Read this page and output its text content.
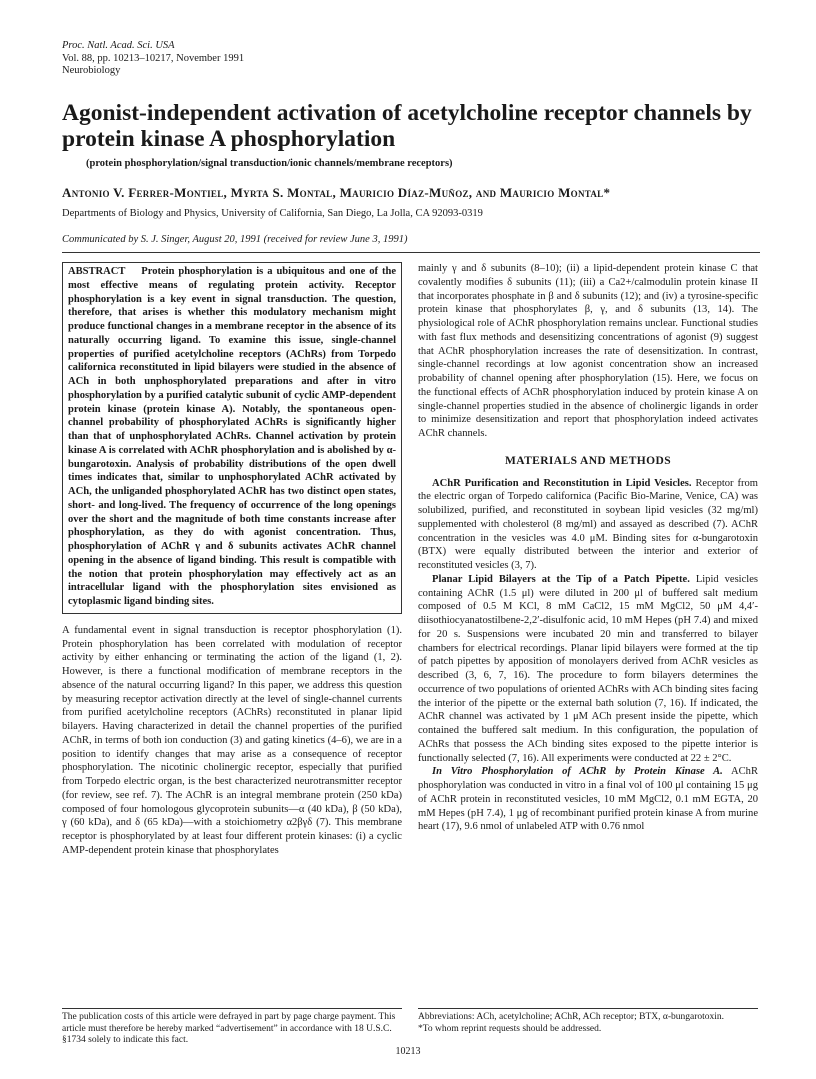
Proc. Natl. Acad. Sci. USA
Vol. 88, pp. 10213–10217, November 1991
Neurobiology
Agonist-independent activation of acetylcholine receptor channels by protein kinase A phosphorylation
(protein phosphorylation/signal transduction/ionic channels/membrane receptors)
Antonio V. Ferrer-Montiel, Myrta S. Montal, Mauricio Díaz-Muñoz, and Mauricio Montal*
Departments of Biology and Physics, University of California, San Diego, La Jolla, CA 92093-0319
Communicated by S. J. Singer, August 20, 1991 (received for review June 3, 1991)

ABSTRACT Protein phosphorylation is a ubiquitous and one of the most effective means of regulating protein activity. Receptor phosphorylation is a key event in signal transduction. The question, therefore, that arises is whether this modulatory mechanism might produce functional changes in a membrane receptor in the absence of its naturally occurring ligand. To examine this issue, single-channel properties of purified acetylcholine receptors (AChRs) from Torpedo californica reconstituted in lipid bilayers were studied in the absence of ACh in both unphosphorylated preparations and after in vitro phosphorylation by a purified catalytic subunit of cyclic AMP-dependent protein kinase (protein kinase A). Notably, the spontaneous open-channel probability of phosphorylated AChRs is significantly higher than that of unphosphorylated AChRs. Channel activation by protein kinase A is correlated with AChR phosphorylation and is abolished by α-bungarotoxin. Analysis of probability distributions of the open dwell times indicates that, similar to unphosphorylated AChR activated by ACh, the unliganded phosphorylated AChR has two distinct open states, short- and long-lived. The frequency of occurrence of the long openings over the short and the magnitude of both time constants increase after phosphorylation, as they do with agonist concentration. Thus, phosphorylation of AChR γ and δ subunits activates AChR channel opening in the absence of ligand binding. This result is compatible with the notion that protein phosphorylation may effectively act as an intracellular ligand with the phosphorylation sites envisioned as cytoplasmic ligand binding sites.

A fundamental event in signal transduction is receptor phosphorylation (1). Protein phosphorylation has been correlated with modulation of receptor activity by either enhancing or terminating the action of the ligand (1, 2). However, is there a functional modification of membrane receptors in the absence of the natural occurring ligand? In this paper, we address this question by measuring receptor activation directly at the level of single-channel currents from purified acetylcholine receptors (AChRs) reconstituted in planar lipid bilayers. Having characterized in detail the channel properties of the purified AChR, in terms of both ion conduction (3) and gating kinetics (4–6), we are in a position to identify changes that may arise as a consequence of receptor phosphorylation. The nicotinic cholinergic receptor, especially that purified from Torpedo electric organ, is the best characterized neurotransmitter receptor (for review, see ref. 7). The AChR is an integral membrane protein (250 kDa) composed of four homologous glycoprotein subunits—α (40 kDa), β (50 kDa), γ (60 kDa), and δ (65 kDa)—with a stoichiometry α2βγδ (7). This membrane receptor is phosphorylated by at least four different protein kinases: (i) a cyclic AMP-dependent protein kinase that phosphorylates

mainly γ and δ subunits (8–10); (ii) a lipid-dependent protein kinase C that covalently modifies δ subunits (11); (iii) a Ca2+/calmodulin protein kinase II that incorporates phosphate in β and δ subunits (12); and (iv) a tyrosine-specific protein kinase that phosphorylates β, γ, and δ subunits (13, 14). The physiological role of AChR phosphorylation remains unclear. Functional studies with fast flux methods and desensitizing concentrations of agonist (9) suggest that AChR phosphorylation increases the rate of desensitization. In contrast, single-channel recordings at low agonist concentration show an increased probability of channel opening after phosphorylation (15). Here, we focus on the functional effects of AChR phosphorylation induced by protein kinase A on single-channel properties studied in the absence of cholinergic ligands in order to minimize desensitization and report that phosphorylation indeed activates AChR channels.

MATERIALS AND METHODS

AChR Purification and Reconstitution in Lipid Vesicles. Receptor from the electric organ of Torpedo californica (Pacific Bio-Marine, Venice, CA) was solubilized, purified, and reconstituted in soybean lipid vesicles (32 mg/ml) supplemented with cholesterol (8 mg/ml) and assayed as described (7). AChR concentration in the vesicles was 4.0 μM. Binding sites for α-bungarotoxin (BTX) were equally distributed between the interior and exterior of reconstituted vesicles (3, 7).

Planar Lipid Bilayers at the Tip of a Patch Pipette. Lipid vesicles containing AChR (1.5 μl) were diluted in 200 μl of buffered salt medium composed of 0.5 M KCl, 8 mM CaCl2, 15 mM MgCl2, 50 μM 4,4′-diisothiocyanatostilbene-2,2′-disulfonic acid, 10 mM Hepes (pH 7.4) and mixed for 20 s. Suspensions were incubated 20 min and transferred to bilayer chambers for electrical recordings. Planar lipid bilayers were formed at the tip of patch pipettes by apposition of monolayers derived from AChR vesicles as described (3, 6, 7, 16). The procedure to form bilayers determines the occurrence of two populations of oriented AChRs with ACh binding sites facing the interior of the pipette or the external bath solution (7, 16). If indicated, the AChR channel was activated by 1 μM ACh present inside the pipette, which contained the buffered salt medium. In this configuration, the population of AChRs that possess the ACh binding sites exposed to the pipette interior is functionally selected (7, 16). All experiments were conducted at 22 ± 2°C.

In Vitro Phosphorylation of AChR by Protein Kinase A. AChR phosphorylation was conducted in vitro in a final vol of 100 μl containing 15 μg of AChR protein in reconstituted vesicles, 10 mM MgCl2, 0.1 mM EGTA, 20 mM Hepes (pH 7.4), 1 μg of recombinant purified protein kinase A from murine heart (17), 9.6 nmol of unlabeled ATP with 0.76 nmol

The publication costs of this article were defrayed in part by page charge payment. This article must therefore be hereby marked “advertisement” in accordance with 18 U.S.C. §1734 solely to indicate this fact.
Abbreviations: ACh, acetylcholine; AChR, ACh receptor; BTX, α-bungarotoxin.
*To whom reprint requests should be addressed.
10213
